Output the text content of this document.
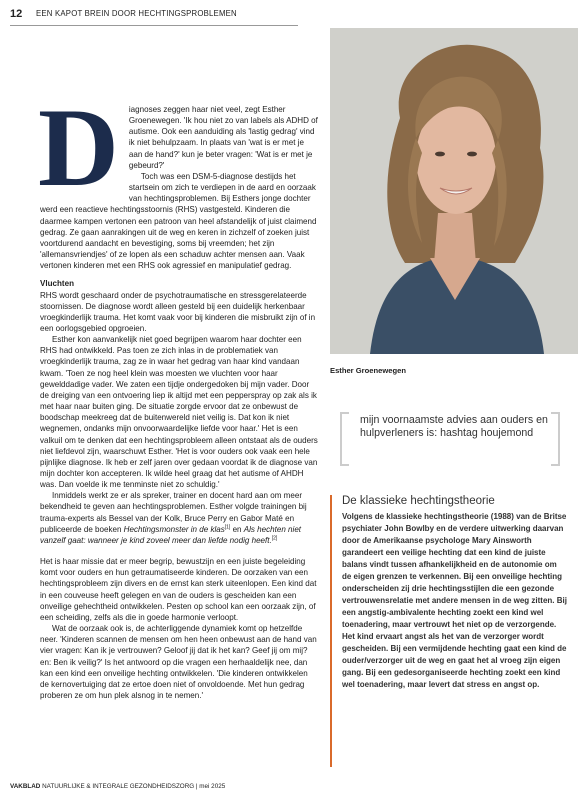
12 EEN KAPOT BREIN DOOR HECHTINGSPROBLEMEN
D	iagnoses zeggen haar niet veel, zegt Esther Groenewegen. 'Ik hou niet zo van labels als ADHD of autisme. Ook een aanduiding als 'lastig gedrag' vind ik niet behulpzaam. In plaats van 'wat is er met je aan de hand?' kun je beter vragen: 'Wat is er met je gebeurd?'

Toch was een DSM-5-diagnose destijds het startsein om zich te verdiepen in de aard en oorzaak van hechtingsproblemen. Bij Esthers jonge dochter werd een reactieve hechtingsstoornis (RHS) vastgesteld. Kinderen die daarmee kampen vertonen een patroon van heel afstandelijk of juist claimend gedrag. Ze gaan aanrakingen uit de weg en keren in zichzelf of zoeken juist voortdurend aandacht en bevestiging, soms bij vreemden; het zijn 'allemansvriendjes' of ze lopen als een schaduw achter mensen aan. Vaak vertonen kinderen met een RHS ook agressief en manipulatief gedrag.

Vluchten

RHS wordt geschaard onder de psychotraumatische en stressgerelateerde stoornissen. De diagnose wordt alleen gesteld bij een duidelijk herkenbaar vroegkinderlijk trauma. Het komt vaak voor bij kinderen die misbruikt zijn of in een oorlogsgebied opgroeien.

Esther kon aanvankelijk niet goed begrijpen waarom haar dochter een RHS had ontwikkeld. Pas toen ze zich inlas in de problematiek van vroegkinderlijk trauma, zag ze in waar het gedrag van haar kind vandaan kwam. 'Toen ze nog heel klein was moesten we vluchten voor haar gewelddadige vader. We zaten een tijdje ondergedoken bij mijn vader. Door de dreiging van een ontvoering liep ik altijd met een pepperspray op zak als ik met haar naar buiten ging. De situatie zorgde ervoor dat ze onbewust de boodschap meekreeg dat de buitenwereld niet veilig is. Dat kon ik niet wegnemen, ondanks mijn onvoorwaardelijke liefde voor haar.' Het is een valkuil om te denken dat een hechtingsprobleem alleen ontstaat als de ouders niet liefdevol zijn, waarschuwt Esther. 'Het is voor ouders ook vaak een hele pijnlijke diagnose. Ik heb er zelf jaren over gedaan voordat ik de diagnose van mijn dochter kon accepteren. Ik wilde heel graag dat het autisme of AHDH was. Dan voelde ik me tenminste niet zo schuldig.'

Inmiddels werkt ze er als spreker, trainer en docent hard aan om meer bekendheid te geven aan hechtingsproblemen. Esther volgde trainingen bij trauma-experts als Bessel van der Kolk, Bruce Perry en Gabor Maté en publiceerde de boeken Hechtingsmonster in de klas[1] en Als hechten niet vanzelf gaat: wanneer je kind zoveel meer dan liefde nodig heeft.[2]

Het is haar missie dat er meer begrip, bewustzijn en een juiste begeleiding komt voor ouders en hun getraumatiseerde kinderen. De oorzaken van een hechtingsprobleem zijn divers en de ernst kan sterk uiteenlopen. Een kind dat in een couveuse heeft gelegen en van de ouders is gescheiden kan een onveilige gehechtheid ontwikkelen. Pesten op school kan een oorzaak zijn, of een scheiding, zelfs als die in goede harmonie verloopt.

Wat de oorzaak ook is, de achterliggende dynamiek komt op hetzelfde neer. 'Kinderen scannen de mensen om hen heen onbewust aan de hand van vier vragen: Kan ik je vertrouwen? Geloof jij dat ik het kan? Geef jij om mij? en: Ben ik veilig?' Is het antwoord op die vragen een herhaaldelijk nee, dan kan een kind een onveilige hechting ontwikkelen. 'Die kinderen ontwikkelen de kernovertuiging dat ze ertoe doen niet of onvoldoende. Met hun gedrag proberen ze om hun plek alsnog in te nemen.'

Esther Groenewegen
mijn voornaamste advies aan ouders en hulpverleners is: hashtag houjemond
De klassieke hechtingstheorie
Volgens de klassieke hechtingstheorie (1988) van de Britse psychiater John Bowlby en de verdere uitwerking daarvan door de Amerikaanse psychologe Mary Ainsworth garandeert een veilige hechting dat een kind de juiste balans vindt tussen afhankelijkheid en de autonomie om de eigen grenzen te verkennen. Bij een onveilige hechting onderscheiden zij drie hechtingsstijlen die een gezonde vertrouwensrelatie met andere mensen in de weg zitten. Bij een angstig-ambivalente hechting zoekt een kind wel toenadering, maar vertrouwt het niet op de verzorgende. Het kind ervaart angst als het van de verzorger wordt gescheiden. Bij een vermijdende hechting gaat een kind de ouder/verzorger uit de weg en gaat het al vroeg zijn eigen gang. Bij een gedesorganiseerde hechting zoekt een kind wel toenadering, maar levert dat stress en angst op.
VAKBLAD NATUURLIJKE & INTEGRALE GEZONDHEIDSZORG | mei 2025
